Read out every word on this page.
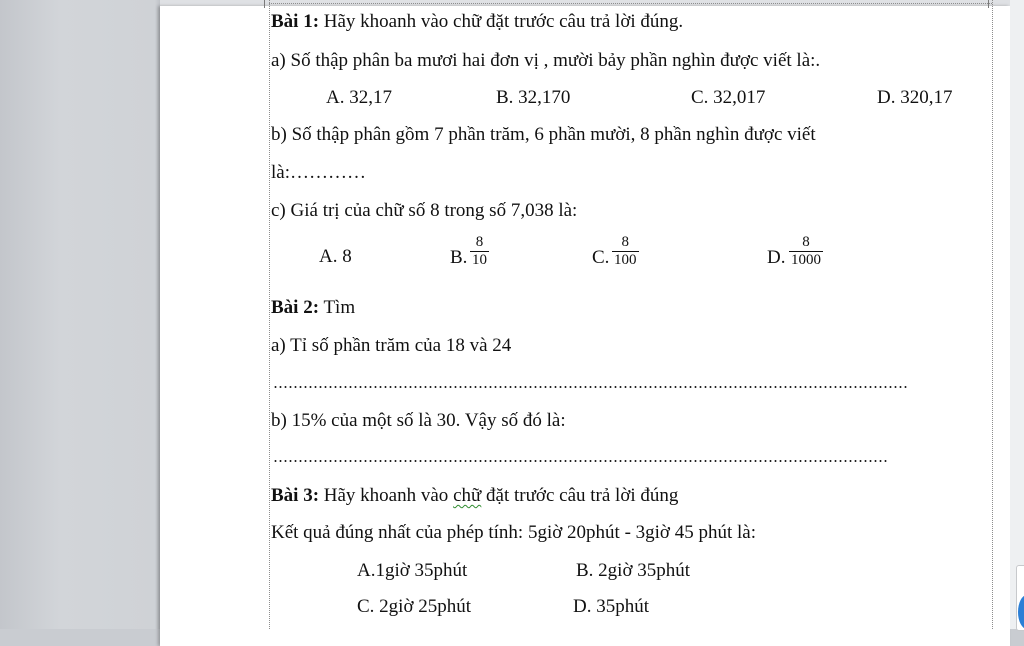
Bài 1: Hãy khoanh vào chữ đặt trước câu trả lời đúng.
a) Số thập phân ba mươi hai đơn vị , mười bảy phần nghìn được viết là:.
A. 32,17	B. 32,170	C. 32,017	D. 320,17
b) Số thập phân gồm 7 phần trăm, 6 phần mười, 8 phần nghìn được viết
là:…………
c) Giá trị của chữ số 8 trong số 7,038 là:
A. 8	B. $\frac{8}{10}$	C. $\frac{8}{100}$	D. $\frac{8}{1000}$
Bài 2: Tìm
a) Tỉ số phần trăm của 18 và 24
b) 15% của một số là 30. Vậy số đó là:
Bài 3: Hãy khoanh vào chữ đặt trước câu trả lời đúng
Kết quả đúng nhất của phép tính: 5giờ 20phút - 3giờ 45 phút là:
A.1giờ 35phút	B. 2giờ 35phút
C. 2giờ 25phút	D. 35phút
